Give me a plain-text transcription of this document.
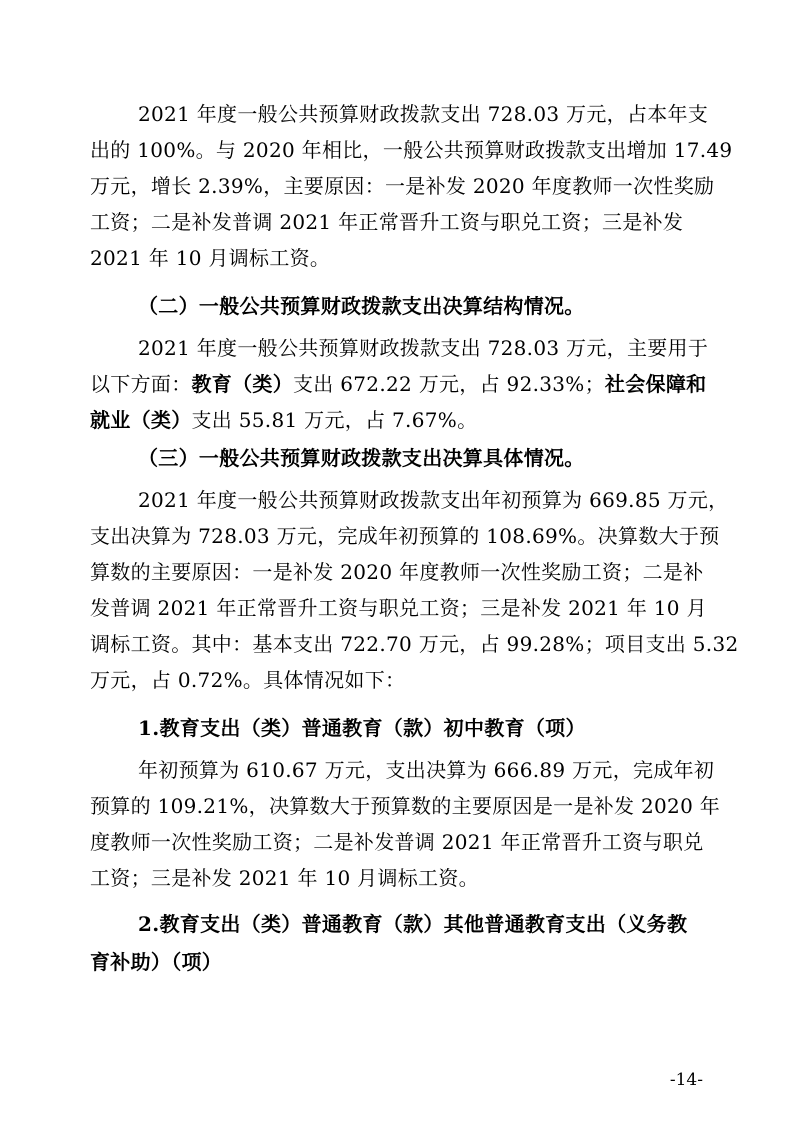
2021 年度一般公共预算财政拨款支出 728.03 万元，占本年支
出的 100%。与 2020 年相比，一般公共预算财政拨款支出增加 17.49
万元，增长 2.39%，主要原因：一是补发 2020 年度教师一次性奖励
工资；二是补发普调 2021 年正常晋升工资与职兑工资；三是补发
2021 年 10 月调标工资。
（二）一般公共预算财政拨款支出决算结构情况。
2021 年度一般公共预算财政拨款支出 728.03 万元，主要用于
以下方面：教育（类）支出 672.22 万元，占 92.33%；社会保障和
就业（类）支出 55.81 万元，占 7.67%。
（三）一般公共预算财政拨款支出决算具体情况。
2021 年度一般公共预算财政拨款支出年初预算为 669.85 万元，
支出决算为 728.03 万元，完成年初预算的 108.69%。决算数大于预
算数的主要原因：一是补发 2020 年度教师一次性奖励工资；二是补
发普调 2021 年正常晋升工资与职兑工资；三是补发 2021 年 10 月
调标工资。其中：基本支出 722.70 万元，占 99.28%；项目支出 5.32
万元，占 0.72%。具体情况如下：
1.教育支出（类）普通教育（款）初中教育（项）
年初预算为 610.67 万元，支出决算为 666.89 万元，完成年初
预算的 109.21%，决算数大于预算数的主要原因是一是补发 2020 年
度教师一次性奖励工资；二是补发普调 2021 年正常晋升工资与职兑
工资；三是补发 2021 年 10 月调标工资。
2.教育支出（类）普通教育（款）其他普通教育支出（义务教
育补助）（项）
-14-
